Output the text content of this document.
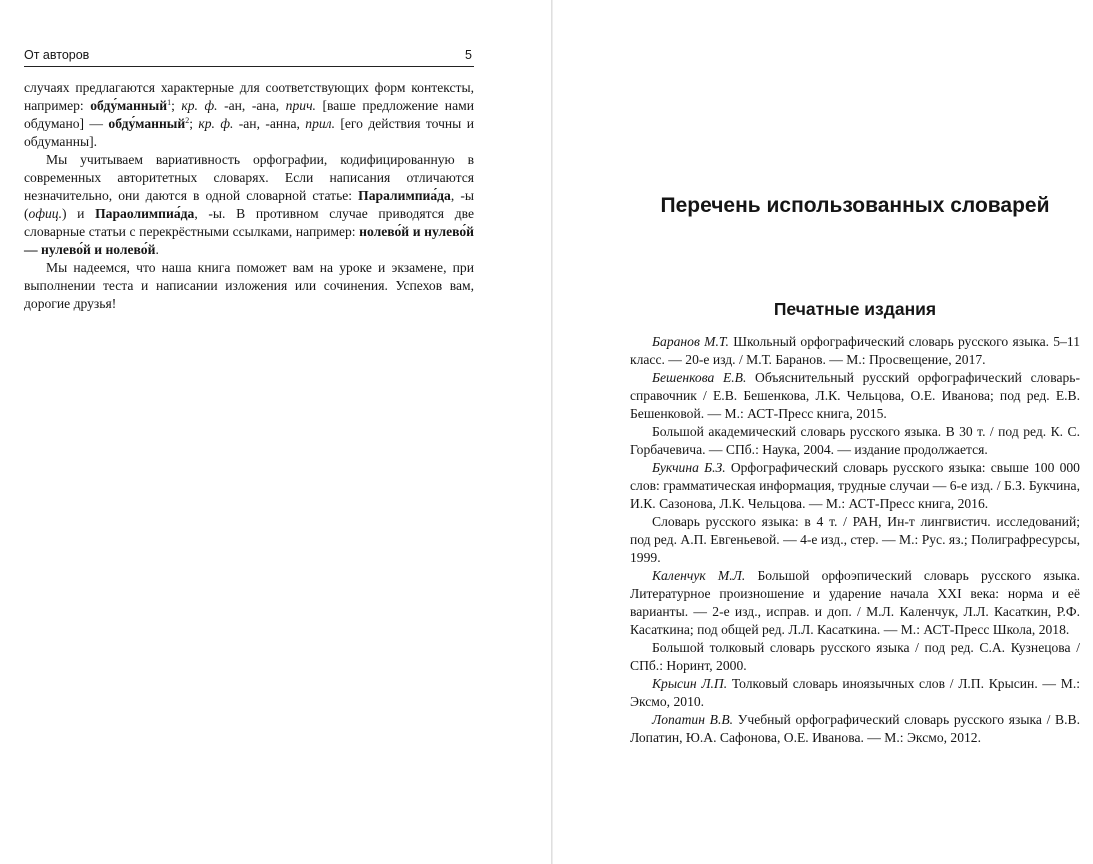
От авторов	5

случаях предлагаются характерные для соответствующих форм контексты, например: обду́манный$^1$; кр. ф. -ан, -ана, прич. [ваше предложение нами обдумано] — обду́манный$^2$; кр. ф. -ан, -анна, прил. [его действия точны и обдуманны].

Мы учитываем вариативность орфографии, кодифицированную в современных авторитетных словарях. Если написания отличаются незначительно, они даются в одной словарной статье: Паралимпиа́да, -ы (офиц.) и Параолимпиа́да, -ы. В противном случае приводятся две словарные статьи с перекрёстными ссылками, например: нолево́й и нулево́й — нулево́й и нолево́й.

Мы надеемся, что наша книга поможет вам на уроке и экзамене, при выполнении теста и написании изложения или сочинения. Успехов вам, дорогие друзья!

Перечень использованных словарей
Печатные издания
Баранов М.Т. Школьный орфографический словарь русского языка. 5–11 класс. — 20-е изд. / М.Т. Баранов. — М.: Просвещение, 2017.
Бешенкова Е.В. Объяснительный русский орфографический словарь-справочник / Е.В. Бешенкова, Л.К. Чельцова, О.Е. Иванова; под ред. Е.В. Бешенковой. — М.: АСТ-Пресс книга, 2015.
Большой академический словарь русского языка. В 30 т. / под ред. К. С. Горбачевича. — СПб.: Наука, 2004. — издание продолжается.
Букчина Б.З. Орфографический словарь русского языка: свыше 100 000 слов: грамматическая информация, трудные случаи — 6-е изд. / Б.З. Букчина, И.К. Сазонова, Л.К. Чельцова. — М.: АСТ-Пресс книга, 2016.
Словарь русского языка: в 4 т. / РАН, Ин-т лингвистич. исследований; под ред. А.П. Евгеньевой. — 4-е изд., стер. — М.: Рус. яз.; Полиграфресурсы, 1999.
Каленчук М.Л. Большой орфоэпический словарь русского языка. Литературное произношение и ударение начала XXI века: норма и её варианты. — 2-е изд., исправ. и доп. / М.Л. Каленчук, Л.Л. Касаткин, Р.Ф. Касаткина; под общей ред. Л.Л. Касаткина. — М.: АСТ-Пресс Школа, 2018.
Большой толковый словарь русского языка / под ред. С.А. Кузнецова / СПб.: Норинт, 2000.
Крысин Л.П. Толковый словарь иноязычных слов / Л.П. Крысин. — М.: Эксмо, 2010.
Лопатин В.В. Учебный орфографический словарь русского языка / В.В. Лопатин, Ю.А. Сафонова, О.Е. Иванова. — М.: Эксмо, 2012.
